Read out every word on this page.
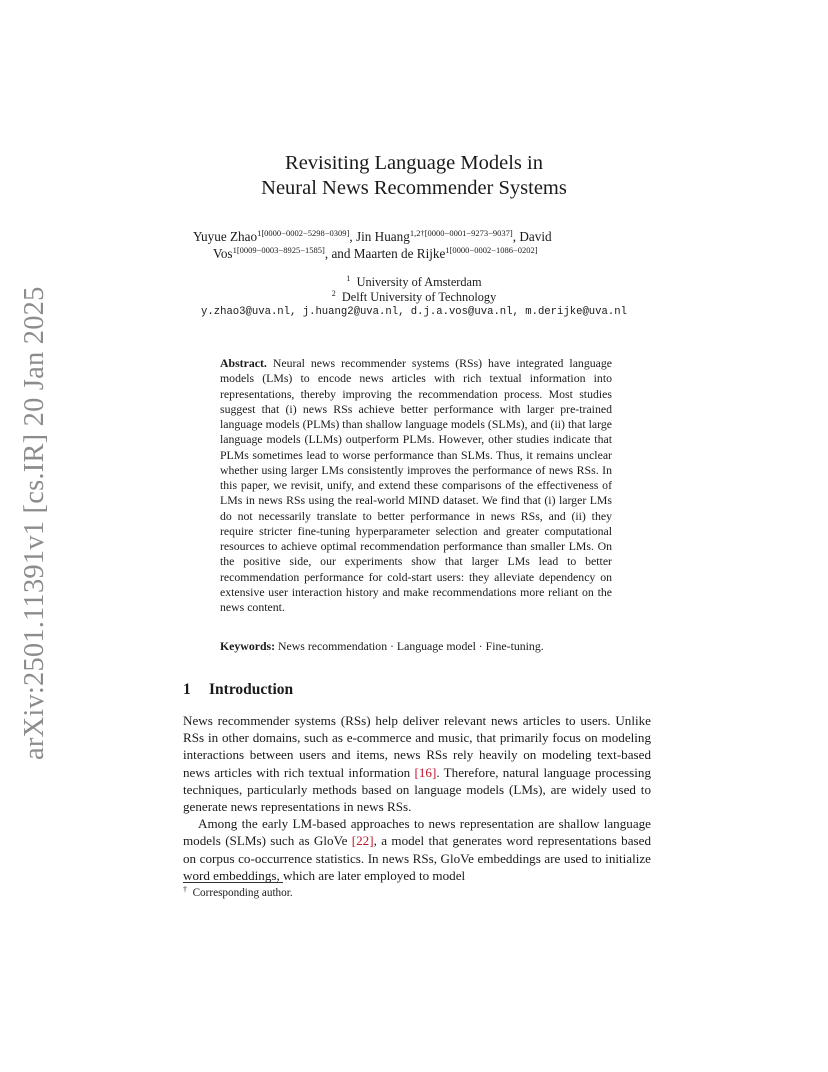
arXiv:2501.11391v1 [cs.IR] 20 Jan 2025
Revisiting Language Models in
Neural News Recommender Systems
Yuyue Zhao$^{1[0000-0002-5298-0309]}$, Jin Huang$^{1,2\dagger[0000-0001-9273-9037]}$, David
Vos$^{1[0009-0003-8925-1585]}$, and Maarten de Rijke$^{1[0000-0002-1086-0202]}$
$^1$ University of Amsterdam
$^2$ Delft University of Technology
y.zhao3@uva.nl, j.huang2@uva.nl, d.j.a.vos@uva.nl, m.derijke@uva.nl
Abstract. Neural news recommender systems (RSs) have integrated language models (LMs) to encode news articles with rich textual information into representations, thereby improving the recommendation process. Most studies suggest that (i) news RSs achieve better performance with larger pre-trained language models (PLMs) than shallow language models (SLMs), and (ii) that large language models (LLMs) outperform PLMs. However, other studies indicate that PLMs sometimes lead to worse performance than SLMs. Thus, it remains unclear whether using larger LMs consistently improves the performance of news RSs. In this paper, we revisit, unify, and extend these comparisons of the effectiveness of LMs in news RSs using the real-world MIND dataset. We find that (i) larger LMs do not necessarily translate to better performance in news RSs, and (ii) they require stricter fine-tuning hyperparameter selection and greater computational resources to achieve optimal recommendation performance than smaller LMs. On the positive side, our experiments show that larger LMs lead to better recommendation performance for cold-start users: they alleviate dependency on extensive user interaction history and make recommendations more reliant on the news content.
Keywords: News recommendation · Language model · Fine-tuning.
1 Introduction

News recommender systems (RSs) help deliver relevant news articles to users. Unlike RSs in other domains, such as e-commerce and music, that primarily focus on modeling interactions between users and items, news RSs rely heavily on modeling text-based news articles with rich textual information [16]. Therefore, natural language processing techniques, particularly methods based on language models (LMs), are widely used to generate news representations in news RSs.

Among the early LM-based approaches to news representation are shallow language models (SLMs) such as GloVe [22], a model that generates word representations based on corpus co-occurrence statistics. In news RSs, GloVe embeddings are used to initialize word embeddings, which are later employed to model

† Corresponding author.
